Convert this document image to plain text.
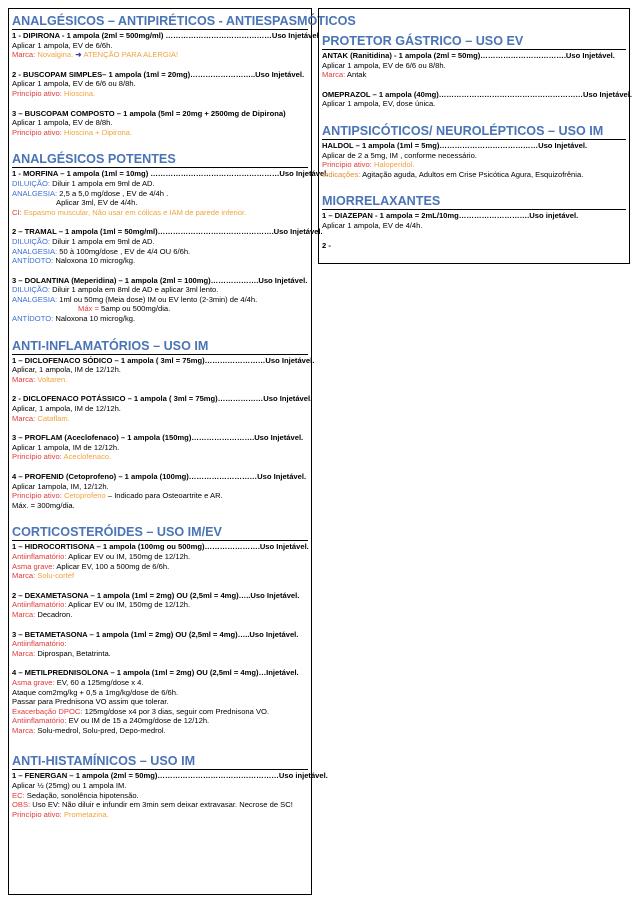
ANALGÉSICOS – ANTIPIRÉTICOS - ANTIESPASMÓTICOS
1 - DIPIRONA - 1 ampola (2ml = 500mg/ml) ……………………………………Uso Injetável
Aplicar 1 ampola, EV de 6/6h.
Marca: Novalgina. ➜ ATENÇÃO PARA ALERGIA!
2 - BUSCOPAM SIMPLES– 1 ampola (1ml = 20mg)……………………..Uso Injetável.
Aplicar 1 ampola, EV de 6/6 ou 8/8h.
Princípio ativo: Hioscina.
3 – BUSCOPAM COMPOSTO – 1 ampola (5ml = 20mg + 2500mg de Dipirona)
Aplicar 1 ampola, EV de 8/8h.
Princípio ativo: Hioscina + Dipirona.
ANALGÉSICOS POTENTES
1 - MORFINA – 1 ampola (1ml = 10mg) ……………………………………………Uso Injetável.
DILUIÇÃO: Diluir 1 ampola em 9ml de AD.
ANALGESIA: 2,5 a 5,0 mg/dose , EV de 4/4h .
Aplicar 3ml, EV de 4/4h.
CI: Espasmo muscular, Não usar em cólicas e IAM de parede inferior.
2 – TRAMAL – 1 ampola (1ml = 50mg/ml)……………………………………….Uso Injetável.
DILUIÇÃO: Diluir 1 ampola em 9ml de AD.
ANALGESIA: 50 à 100mg/dose , EV de 4/4 OU 6/6h.
ANTÍDOTO: Naloxona 10 microg/kg.
3 – DOLANTINA (Meperidina) – 1 ampola (2ml = 100mg)……………….Uso Injetável.
DILUIÇÃO: Diluir 1 ampola em 8ml de AD e aplicar 3ml lento.
ANALGESIA: 1ml ou 50mg (Meia dose) IM ou EV lento (2-3min) de 4/4h.
Máx = 5amp ou 500mg/dia.
ANTÍDOTO: Naloxona 10 microg/kg.
ANTI-INFLAMATÓRIOS – USO IM
1 – DICLOFENACO SÓDICO – 1 ampola ( 3ml = 75mg)……………………Uso Injetável.
Aplicar, 1 ampola, IM de 12/12h.
Marca: Voltaren.
2 - DICLOFENACO POTÁSSICO – 1 ampola ( 3ml = 75mg)………………Uso Injetável.
Aplicar, 1 ampola, IM de 12/12h.
Marca: Cataflam.
3 – PROFLAM (Aceclofenaco) – 1 ampola (150mg)…………………….Uso Injetável.
Aplicar 1 ampola, IM de 12/12h.
Princípio ativo: Aceclofenaco.
4 – PROFENID (Cetoprofeno) – 1 ampola (100mg)………………………Uso Injetável.
Aplicar 1ampola, IM, 12/12h.
Princípio ativo: Cetoprofeno – Indicado para Osteoartrite e AR.
Máx. = 300mg/dia.
CORTICOSTERÓIDES – USO IM/EV
1 – HIDROCORTISONA – 1 ampola (100mg ou 500mg)………………….Uso Injetável.
Antiinflamatório: Aplicar EV ou IM, 150mg de 12/12h.
Asma grave: Aplicar EV, 100 a 500mg de 6/6h.
Marca: Solu-cortef
2 – DEXAMETASONA – 1 ampola (1ml = 2mg) OU (2,5ml = 4mg)…..Uso Injetável.
Antiinflamatório: Aplicar EV ou IM, 150mg de 12/12h.
Marca: Decadron.
3 – BETAMETASONA – 1 ampola (1ml = 2mg) OU (2,5ml = 4mg)…..Uso Injetável.
Antiinflamatório:
Marca: Diprospan, Betatrinta.
4 – METILPREDNISOLONA – 1 ampola (1ml = 2mg) OU (2,5ml = 4mg)…Injetável.
Asma grave: EV, 60 a 125mg/dose x 4.
Ataque com2mg/kg + 0,5 a 1mg/kg/dose de 6/6h.
Passar para Prednisona VO assim que tolerar.
Exacerbação DPOC: 125mg/dose x4 por 3 dias, seguir com Prednisona VO.
Antiinflamatório: EV ou IM de 15 a 240mg/dose de 12/12h.
Marca: Solu-medrol, Solu-pred, Depo-medrol.
ANTI-HISTAMÍNICOS – USO IM
1 – FENERGAN – 1 ampola (2ml = 50mg)…………………………………………Uso injetável.
Aplicar ½ (25mg) ou 1 ampola IM.
EC: Sedação, sonolência hipotensão.
OBS: Uso EV: Não diluir e infundir em 3min sem deixar extravasar. Necrose de SC!
Princípio ativo: Prometazina.
PROTETOR GÁSTRICO – USO EV
ANTAK (Ranitidina) - 1 ampola (2ml = 50mg)…………………………….Uso Injetável.
Aplicar 1 ampola, EV de 6/6 ou 8/8h.
Marca: Antak
OMEPRAZOL – 1 ampola (40mg)…………………………………………………Uso Injetável.
Aplicar 1 ampola, EV, dose única.
ANTIPSICÓTICOS/ NEUROLÉPTICOS – USO IM
HALDOL – 1 ampola (1ml = 5mg)…………………………………Uso Injetável.
Aplicar de 2 a 5mg, IM , conforme necessário.
Princípio ativo: Haloperidol.
Indicações: Agitação aguda, Adultos em Crise Psicótica Agura, Esquizofrênia.
MIORRELAXANTES
1 – DIAZEPAN - 1 ampola = 2mL/10mg……………………….Uso injetável.
Aplicar 1 ampola, EV de 4/4h.
2 -
